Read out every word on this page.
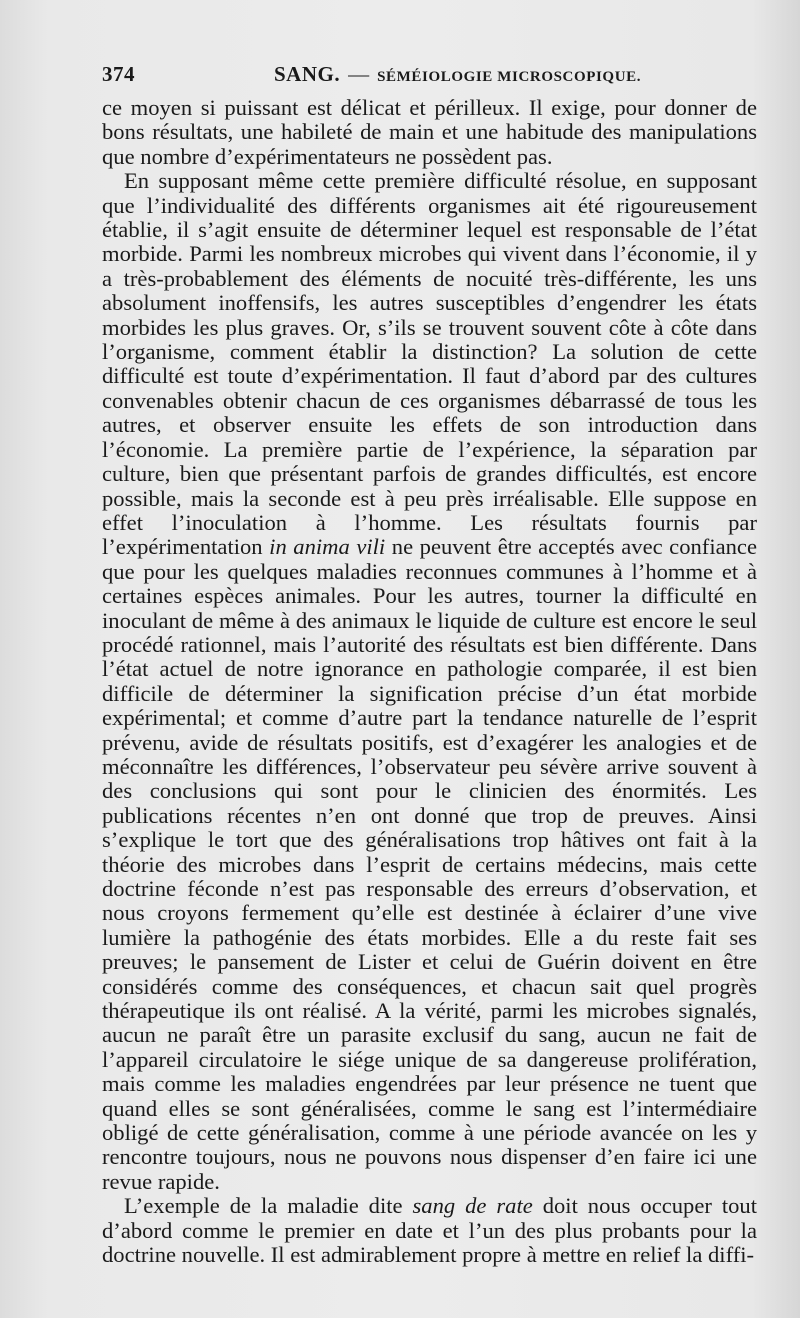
374	SANG. — SÉMÉIOLOGIE MICROSCOPIQUE.

ce moyen si puissant est délicat et périlleux. Il exige, pour donner de bons résultats, une habileté de main et une habitude des manipulations que nombre d’expérimentateurs ne possèdent pas.

En supposant même cette première difficulté résolue, en supposant que l’individualité des différents organismes ait été rigoureusement établie, il s’agit ensuite de déterminer lequel est responsable de l’état morbide. Parmi les nombreux microbes qui vivent dans l’économie, il y a très-probablement des éléments de nocuité très-différente, les uns absolument inoffensifs, les autres susceptibles d’engendrer les états morbides les plus graves. Or, s’ils se trouvent souvent côte à côte dans l’organisme, comment établir la distinction? La solution de cette difficulté est toute d’expérimentation. Il faut d’abord par des cultures convenables obtenir chacun de ces organismes débarrassé de tous les autres, et observer ensuite les effets de son introduction dans l’économie. La première partie de l’expérience, la séparation par culture, bien que présentant parfois de grandes difficultés, est encore possible, mais la seconde est à peu près irréalisable. Elle suppose en effet l’inoculation à l’homme. Les résultats fournis par l’expérimentation in anima vili ne peuvent être acceptés avec confiance que pour les quelques maladies reconnues communes à l’homme et à certaines espèces animales. Pour les autres, tourner la difficulté en inoculant de même à des animaux le liquide de culture est encore le seul procédé rationnel, mais l’autorité des résultats est bien différente. Dans l’état actuel de notre ignorance en pathologie comparée, il est bien difficile de déterminer la signification précise d’un état morbide expérimental; et comme d’autre part la tendance naturelle de l’esprit prévenu, avide de résultats positifs, est d’exagérer les analogies et de méconnaître les différences, l’observateur peu sévère arrive souvent à des conclusions qui sont pour le clinicien des énormités. Les publications récentes n’en ont donné que trop de preuves. Ainsi s’explique le tort que des généralisations trop hâtives ont fait à la théorie des microbes dans l’esprit de certains médecins, mais cette doctrine féconde n’est pas responsable des erreurs d’observation, et nous croyons fermement qu’elle est destinée à éclairer d’une vive lumière la pathogénie des états morbides. Elle a du reste fait ses preuves; le pansement de Lister et celui de Guérin doivent en être considérés comme des conséquences, et chacun sait quel progrès thérapeutique ils ont réalisé. A la vérité, parmi les microbes signalés, aucun ne paraît être un parasite exclusif du sang, aucun ne fait de l’appareil circulatoire le siége unique de sa dangereuse prolifération, mais comme les maladies engendrées par leur présence ne tuent que quand elles se sont généralisées, comme le sang est l’intermédiaire obligé de cette généralisation, comme à une période avancée on les y rencontre toujours, nous ne pouvons nous dispenser d’en faire ici une revue rapide.

L’exemple de la maladie dite sang de rate doit nous occuper tout d’abord comme le premier en date et l’un des plus probants pour la doctrine nouvelle. Il est admirablement propre à mettre en relief la diffi-
